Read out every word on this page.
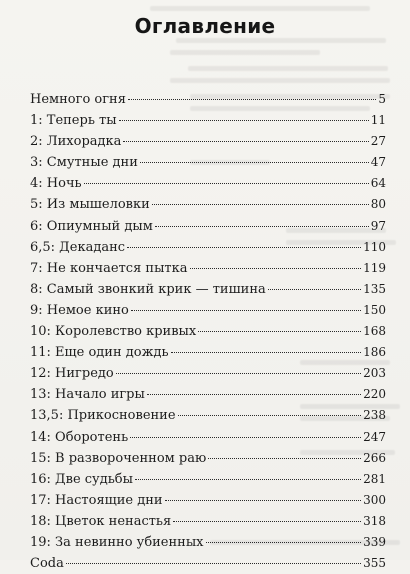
Оглавление
Немного огня	5
1: Теперь ты	11
2: Лихорадка	27
3: Смутные дни	47
4: Ночь	64
5: Из мышеловки	80
6: Опиумный дым	97
6,5: Декаданс	110
7: Не кончается пытка	119
8: Самый звонкий крик — тишина	135
9: Немое кино	150
10: Королевство кривых	168
11: Еще один дождь	186
12: Нигредо	203
13: Начало игры	220
13,5: Прикосновение	238
14: Оборотень	247
15: В развороченном раю	266
16: Две судьбы	281
17: Настоящие дни	300
18: Цветок ненастья	318
19: За невинно убиенных	339
Coda	355
